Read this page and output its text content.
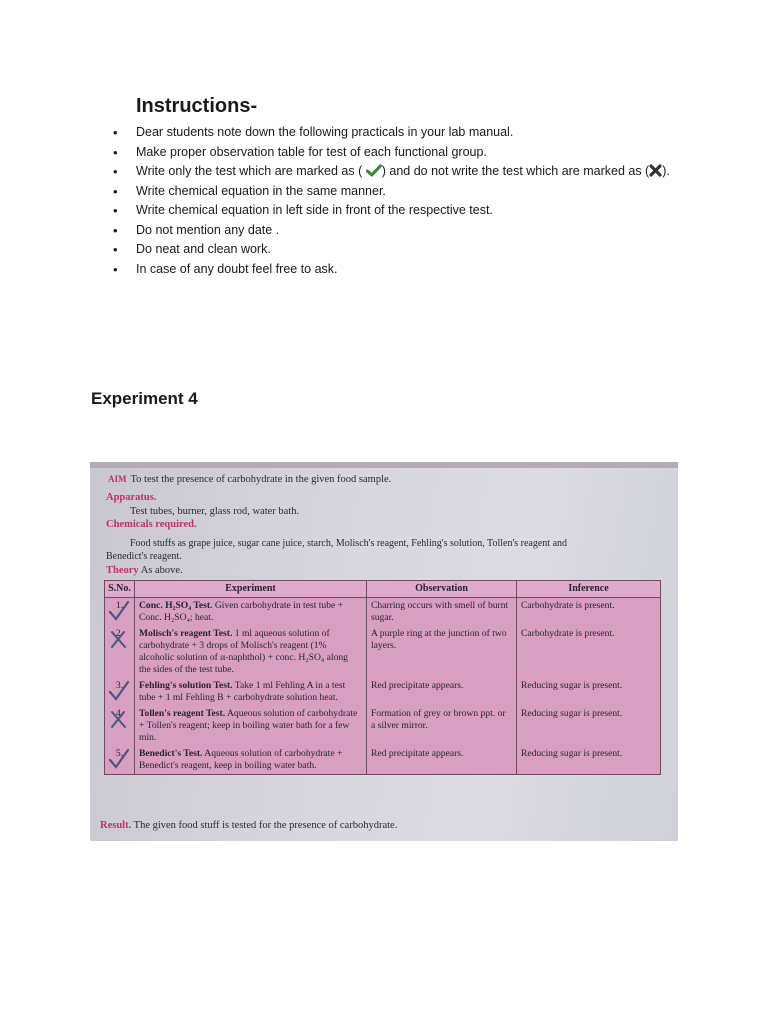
Instructions-
• Dear students note down the following practicals in your lab manual.
• Make proper observation table for test of each functional group.
• Write only the test which are marked as ( ) and do not write the test which are marked as ( ).
• Write chemical equation in the same manner.
• Write chemical equation in left side in front of the respective test.
• Do not mention any date .
• Do neat and clean work.
• In case of any doubt feel free to ask.
Experiment 4
AIM To test the presence of carbohydrate in the given food sample.
Apparatus.
Test tubes, burner, glass rod, water bath.
Chemicals required.
Food stuffs as grape juice, sugar cane juice, starch, Molisch's reagent, Fehling's solution, Tollen's reagent and
Benedict's reagent.
Theory As above.
S.No.	Experiment	Observation	Inference
1.	Conc. H₂SO₄ Test. Given carbohydrate in test tube + Conc. H₂SO₄; heat.	Charring occurs with smell of burnt sugar.	Carbohydrate is present.
2.	Molisch's reagent Test. 1 ml aqueous solution of carbohydrate + 3 drops of Molisch's reagent (1% alcoholic solution of α-naphthol) + conc. H₂SO₄ along the sides of the test tube.	A purple ring at the junction of two layers.	Carbohydrate is present.
3.	Fehling's solution Test. Take 1 ml Fehling A in a test tube + 1 ml Fehling B + carbohydrate solution heat.	Red precipitate appears.	Reducing sugar is present.
4.	Tollen's reagent Test. Aqueous solution of carbohydrate + Tollen's reagent; keep in boiling water bath for a few min.	Formation of grey or brown ppt. or a silver mirror.	Reducing sugar is present.
5.	Benedict's Test. Aqueous solution of carbohydrate + Benedict's reagent, keep in boiling water bath.	Red precipitate appears.	Reducing sugar is present.
Result. The given food stuff is tested for the presence of carbohydrate.
